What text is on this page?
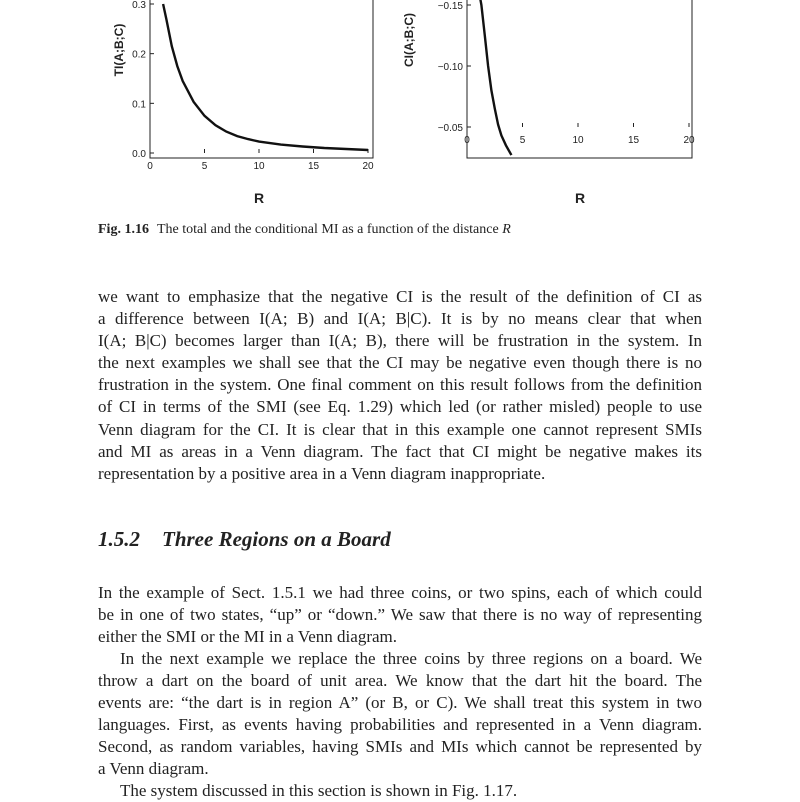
0.0
0.1
0.2
0.3
0	5	10	15	20
TI(A;B;C)
R
−0.05
−0.10
−0.15
0	5	10	15	20
CI(A;B;C)
R
Fig. 1.16 The total and the conditional MI as a function of the distance R
we want to emphasize that the negative CI is the result of the definition of CI as
a difference between I(A; B) and I(A; B|C). It is by no means clear that when
I(A; B|C) becomes larger than I(A; B), there will be frustration in the system. In
the next examples we shall see that the CI may be negative even though there is no
frustration in the system. One final comment on this result follows from the definition
of CI in terms of the SMI (see Eq. 1.29) which led (or rather misled) people to use
Venn diagram for the CI. It is clear that in this example one cannot represent SMIs
and MI as areas in a Venn diagram. The fact that CI might be negative makes its
representation by a positive area in a Venn diagram inappropriate.
1.5.2 Three Regions on a Board
In the example of Sect. 1.5.1 we had three coins, or two spins, each of which could
be in one of two states, “up” or “down.” We saw that there is no way of representing
either the SMI or the MI in a Venn diagram.
In the next example we replace the three coins by three regions on a board. We
throw a dart on the board of unit area. We know that the dart hit the board. The
events are: “the dart is in region A” (or B, or C). We shall treat this system in two
languages. First, as events having probabilities and represented in a Venn diagram.
Second, as random variables, having SMIs and MIs which cannot be represented by
a Venn diagram.
The system discussed in this section is shown in Fig. 1.17.
